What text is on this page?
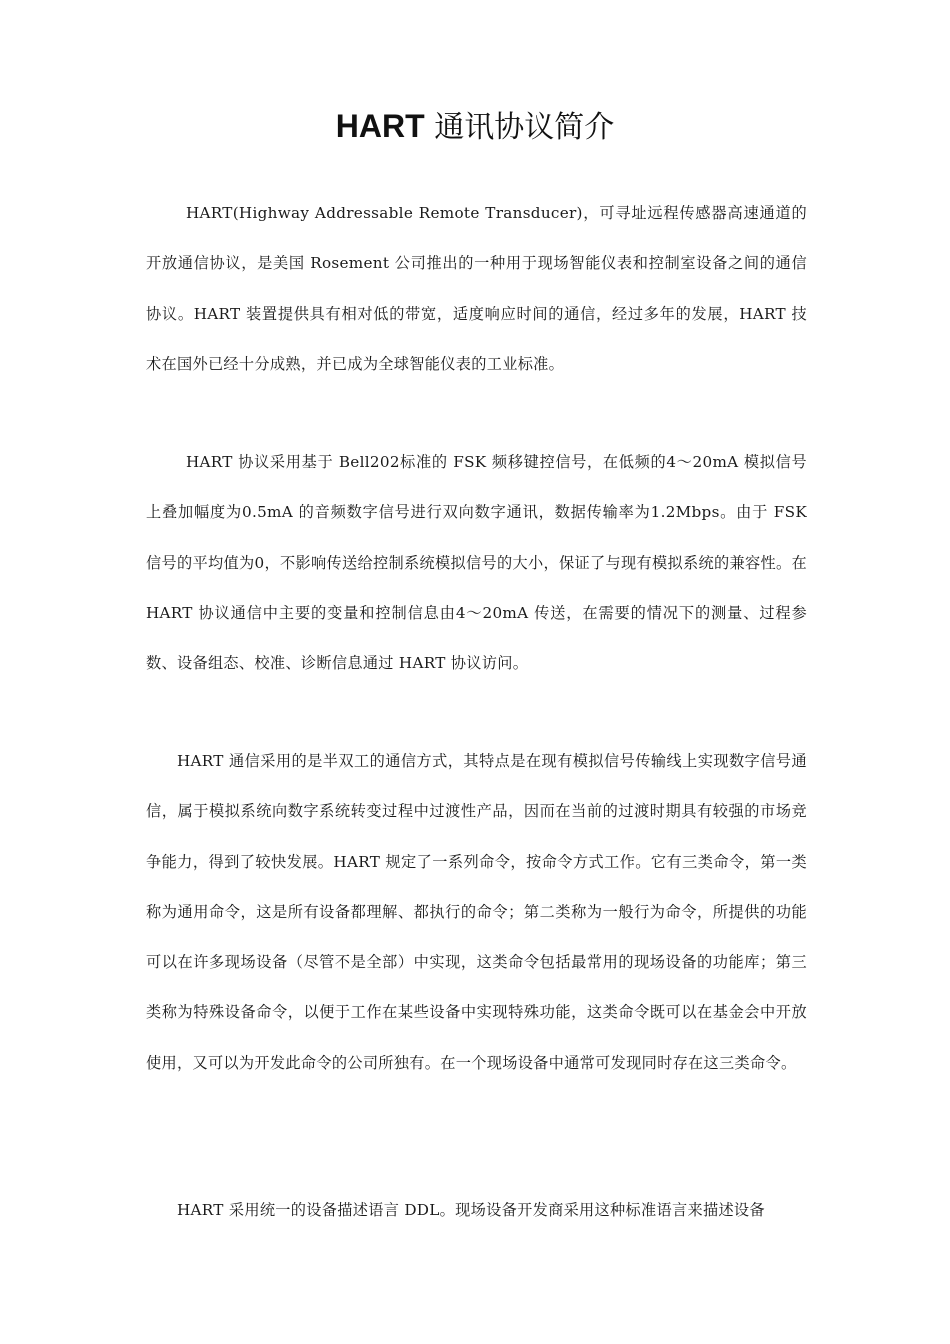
HART 通讯协议简介

HART(Highway Addressable Remote Transducer)，可寻址远程传感器高速通道的开放通信协议，是美国 Rosement 公司推出的一种用于现场智能仪表和控制室设备之间的通信协议。HART 装置提供具有相对低的带宽，适度响应时间的通信，经过多年的发展，HART 技术在国外已经十分成熟，并已成为全球智能仪表的工业标准。

HART 协议采用基于 Bell202标准的 FSK 频移键控信号，在低频的4～20mA 模拟信号上叠加幅度为0.5mA 的音频数字信号进行双向数字通讯，数据传输率为1.2Mbps。由于 FSK 信号的平均值为0，不影响传送给控制系统模拟信号的大小，保证了与现有模拟系统的兼容性。在 HART 协议通信中主要的变量和控制信息由4～20mA 传送，在需要的情况下的测量、过程参数、设备组态、校准、诊断信息通过 HART 协议访问。

HART 通信采用的是半双工的通信方式，其特点是在现有模拟信号传输线上实现数字信号通信，属于模拟系统向数字系统转变过程中过渡性产品，因而在当前的过渡时期具有较强的市场竞争能力，得到了较快发展。HART 规定了一系列命令，按命令方式工作。它有三类命令，第一类称为通用命令，这是所有设备都理解、都执行的命令；第二类称为一般行为命令，所提供的功能可以在许多现场设备（尽管不是全部）中实现，这类命令包括最常用的现场设备的功能库；第三类称为特殊设备命令，以便于工作在某些设备中实现特殊功能，这类命令既可以在基金会中开放使用，又可以为开发此命令的公司所独有。在一个现场设备中通常可发现同时存在这三类命令。

HART 采用统一的设备描述语言 DDL。现场设备开发商采用这种标准语言来描述设备
